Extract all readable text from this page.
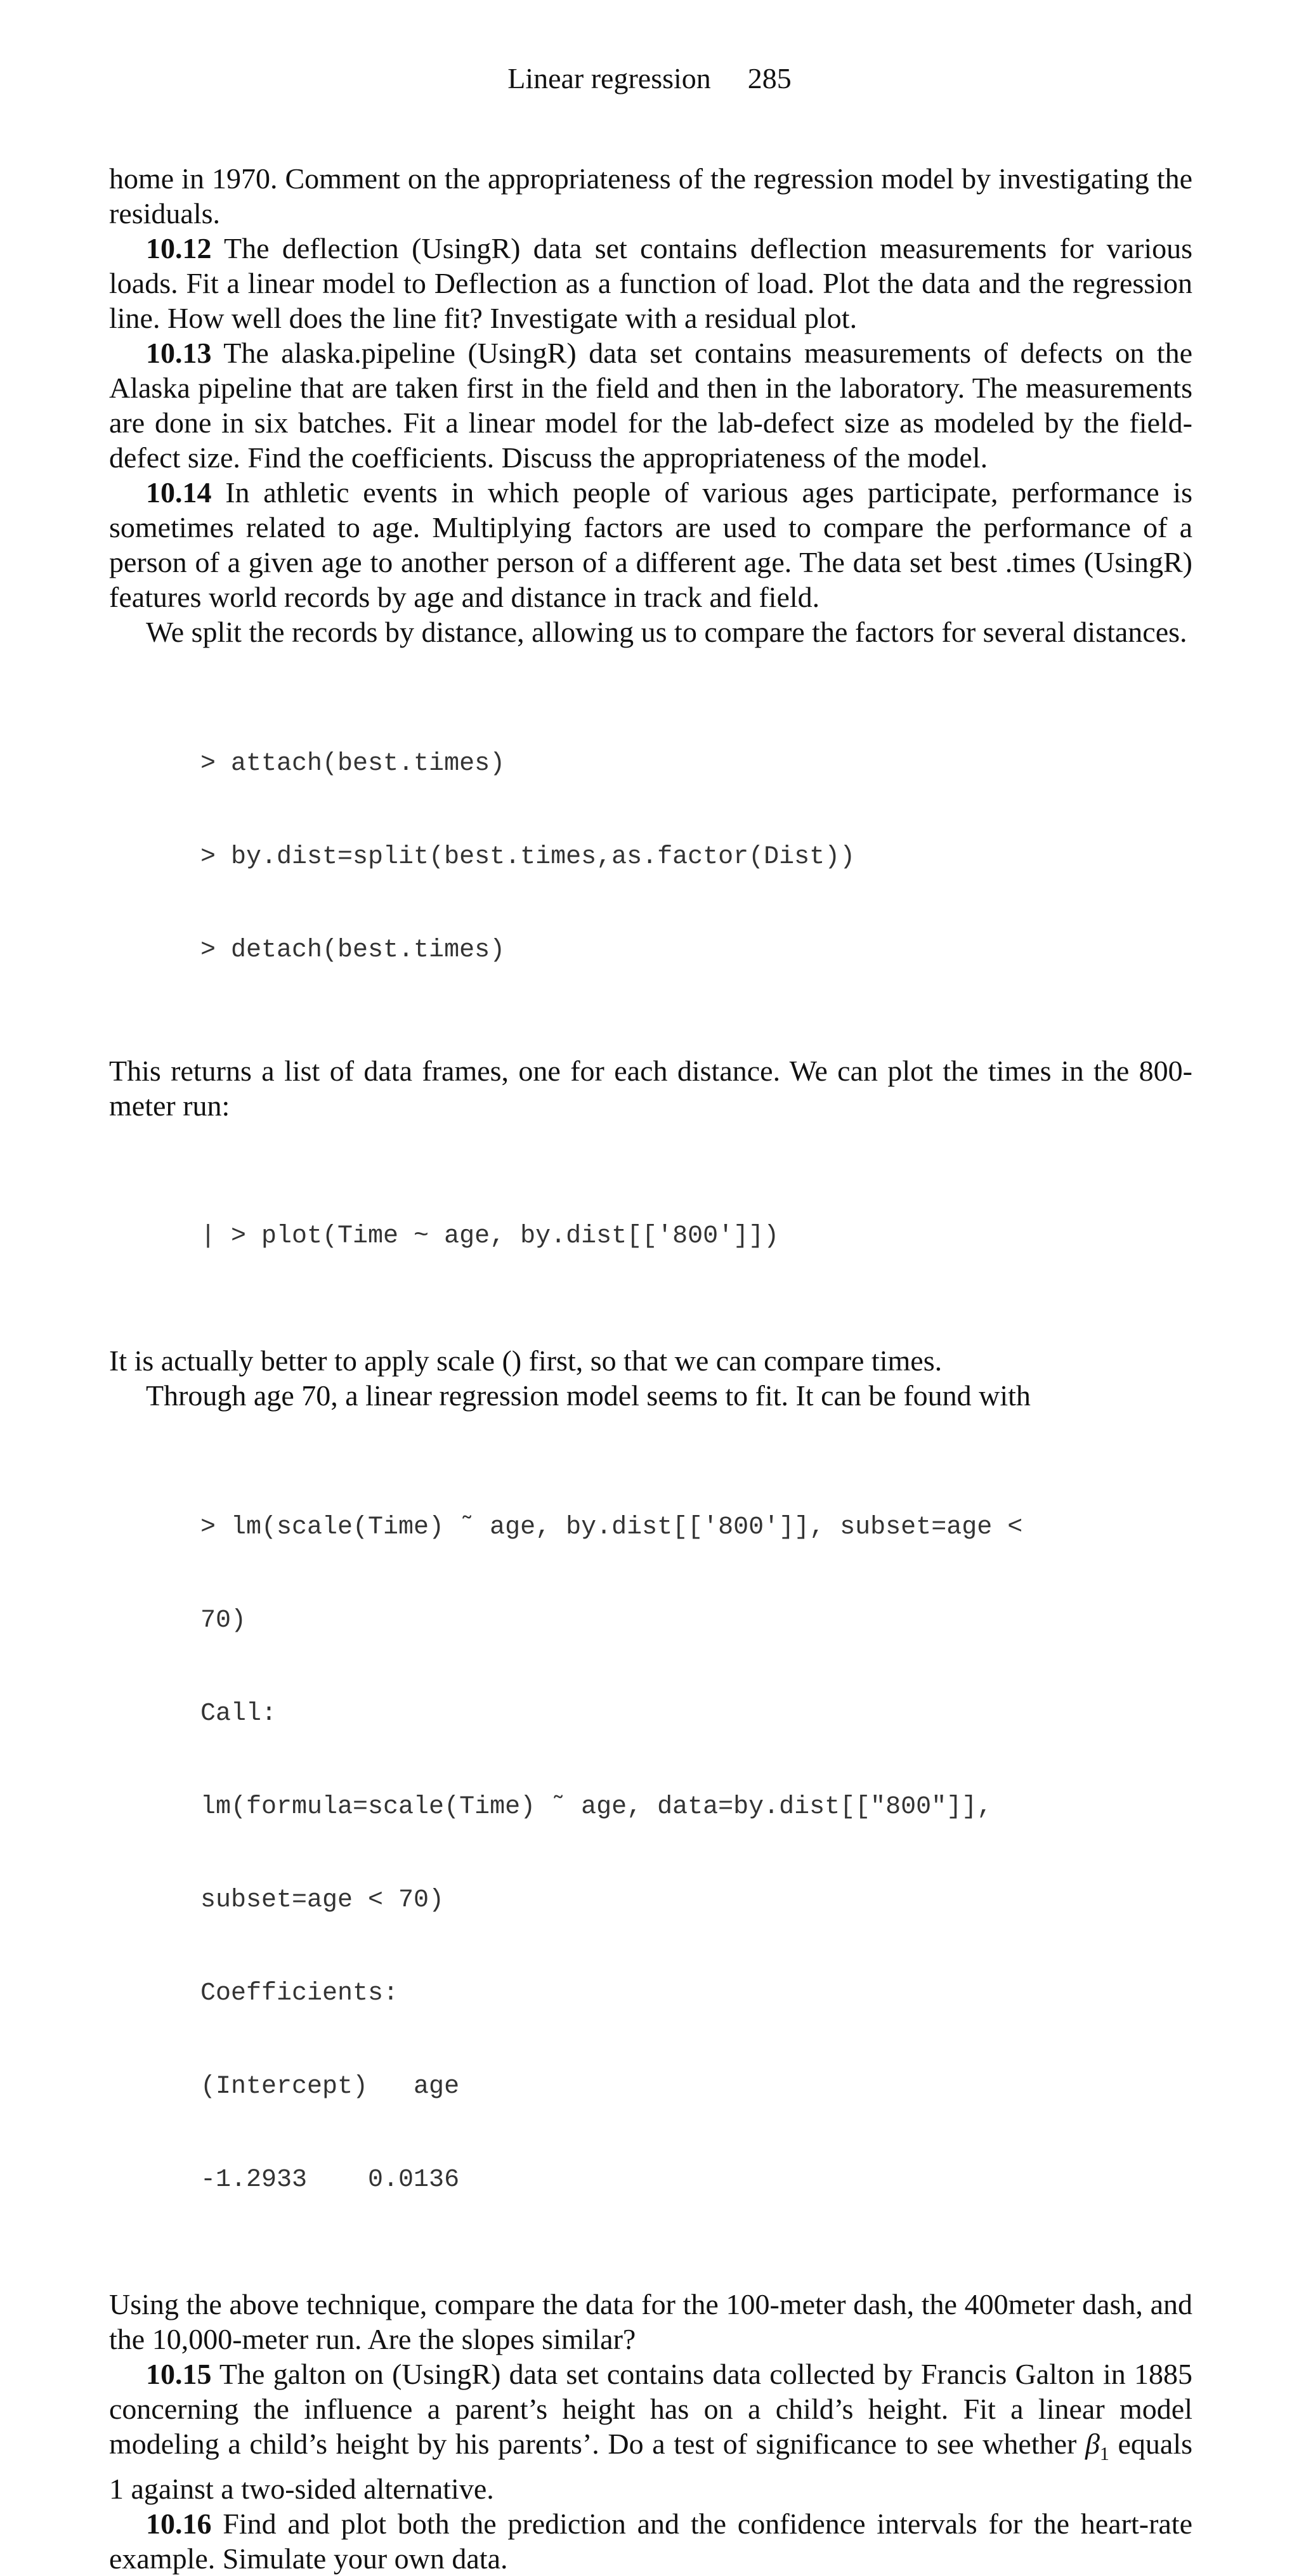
Linear regression 285

home in 1970. Comment on the appropriateness of the regression model by investigating the residuals.

10.12 The deflection (UsingR) data set contains deflection measurements for various loads. Fit a linear model to Deflection as a function of load. Plot the data and the regression line. How well does the line fit? Investigate with a residual plot.

10.13 The alaska.pipeline (UsingR) data set contains measurements of defects on the Alaska pipeline that are taken first in the field and then in the laboratory. The measurements are done in six batches. Fit a linear model for the lab-defect size as modeled by the field-defect size. Find the coefficients. Discuss the appropriateness of the model.

10.14 In athletic events in which people of various ages participate, performance is sometimes related to age. Multiplying factors are used to compare the performance of a person of a given age to another person of a different age. The data set best .times (UsingR) features world records by age and distance in track and field.

We split the records by distance, allowing us to compare the factors for several distances.

> attach(best.times)

> by.dist=split(best.times,as.factor(Dist))

> detach(best.times)

This returns a list of data frames, one for each distance. We can plot the times in the 800-meter run:

| > plot(Time ~ age, by.dist[['800']])

It is actually better to apply scale () first, so that we can compare times.

Through age 70, a linear regression model seems to fit. It can be found with

> lm(scale(Time) ˜ age, by.dist[['800']], subset=age <

70)

Call:

lm(formula=scale(Time) ˜ age, data=by.dist[["800"]],

subset=age < 70)

Coefficients:

(Intercept)   age

-1.2933    0.0136

Using the above technique, compare the data for the 100-meter dash, the 400meter dash, and the 10,000-meter run. Are the slopes similar?

10.15 The galton on (UsingR) data set contains data collected by Francis Galton in 1885 concerning the influence a parent’s height has on a child’s height. Fit a linear model modeling a child’s height by his parents’. Do a test of significance to see whether $\beta_1$ equals 1 against a two-sided alternative.

10.16 Find and plot both the prediction and the confidence intervals for the heart-rate example. Simulate your own data.
